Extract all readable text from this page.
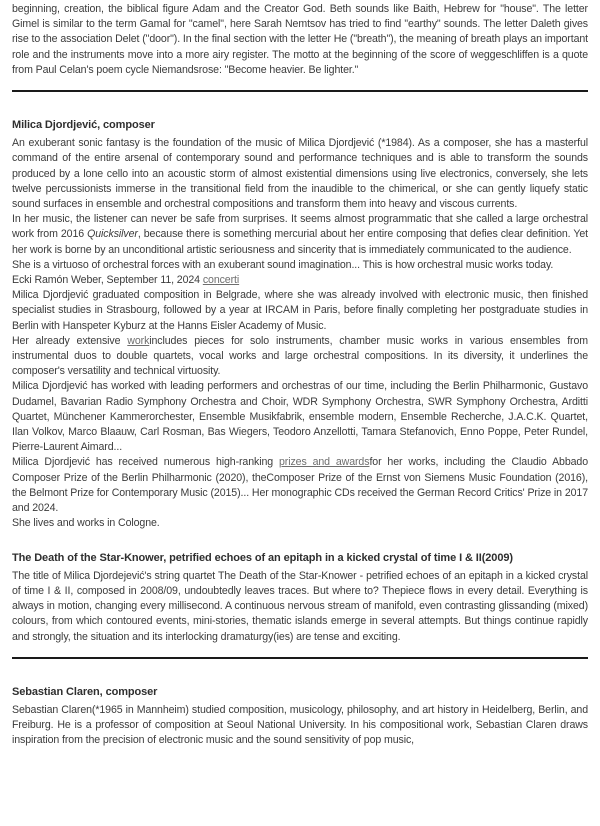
beginning, creation, the biblical figure Adam and the Creator God. Beth sounds like Baith, Hebrew for "house". The letter Gimel is similar to the term Gamal for "camel", here Sarah Nemtsov has tried to find "earthy" sounds. The letter Daleth gives rise to the association Delet ("door"). In the final section with the letter He ("breath"), the meaning of breath plays an important role and the instruments move into a more airy register. The motto at the beginning of the score of weggeschliffen is a quote from Paul Celan's poem cycle Niemandsrose: "Become heavier. Be lighter."

Milica Djordjević, composer

An exuberant sonic fantasy is the foundation of the music of Milica Djordjević (*1984). As a composer, she has a masterful command of the entire arsenal of contemporary sound and performance techniques and is able to transform the sounds produced by a lone cello into an acoustic storm of almost existential dimensions using live electronics, conversely, she lets twelve percussionists immerse in the transitional field from the inaudible to the chimerical, or she can gently liquefy static sound surfaces in ensemble and orchestral compositions and transform them into heavy and viscous currents.

In her music, the listener can never be safe from surprises. It seems almost programmatic that she called a large orchestral work from 2016 Quicksilver, because there is something mercurial about her entire composing that defies clear definition. Yet her work is borne by an unconditional artistic seriousness and sincerity that is immediately communicated to the audience.

She is a virtuoso of orchestral forces with an exuberant sound imagination... This is how orchestral music works today.

Ecki Ramón Weber, September 11, 2024 concerti

Milica Djordjević graduated composition in Belgrade, where she was already involved with electronic music, then finished specialist studies in Strasbourg, followed by a year at IRCAM in Paris, before finally completing her postgraduate studies in Berlin with Hanspeter Kyburz at the Hanns Eisler Academy of Music.

Her already extensive workincludes pieces for solo instruments, chamber music works in various ensembles from instrumental duos to double quartets, vocal works and large orchestral compositions. In its diversity, it underlines the composer's versatility and technical virtuosity.

Milica Djordjević has worked with leading performers and orchestras of our time, including the Berlin Philharmonic, Gustavo Dudamel, Bavarian Radio Symphony Orchestra and Choir, WDR Symphony Orchestra, SWR Symphony Orchestra, Arditti Quartet, Münchener Kammerorchester, Ensemble Musikfabrik, ensemble modern, Ensemble Recherche, J.A.C.K. Quartet, Ilan Volkov, Marco Blaauw, Carl Rosman, Bas Wiegers, Teodoro Anzellotti, Tamara Stefanovich, Enno Poppe, Peter Rundel, Pierre-Laurent Aimard...

Milica Djordjević has received numerous high-ranking prizes and awardsfor her works, including the Claudio Abbado Composer Prize of the Berlin Philharmonic (2020), theComposer Prize of the Ernst von Siemens Music Foundation (2016), the Belmont Prize for Contemporary Music (2015)... Her monographic CDs received the German Record Critics' Prize in 2017 and 2024.

She lives and works in Cologne.

The Death of the Star-Knower, petrified echoes of an epitaph in a kicked crystal of time I & II(2009)

The title of Milica Djordejević's string quartet The Death of the Star-Knower - petrified echoes of an epitaph in a kicked crystal of time I & II, composed in 2008/09, undoubtedly leaves traces. But where to? Thepiece flows in every detail. Everything is always in motion, changing every millisecond. A continuous nervous stream of manifold, even contrasting glissanding (mixed) colours, from which contoured events, mini-stories, thematic islands emerge in several attempts. But things continue rapidly and strongly, the situation and its interlocking dramaturgy(ies) are tense and exciting.

Sebastian Claren, composer

Sebastian Claren(*1965 in Mannheim) studied composition, musicology, philosophy, and art history in Heidelberg, Berlin, and Freiburg. He is a professor of composition at Seoul National University. In his compositional work, Sebastian Claren draws inspiration from the precision of electronic music and the sound sensitivity of pop music,
